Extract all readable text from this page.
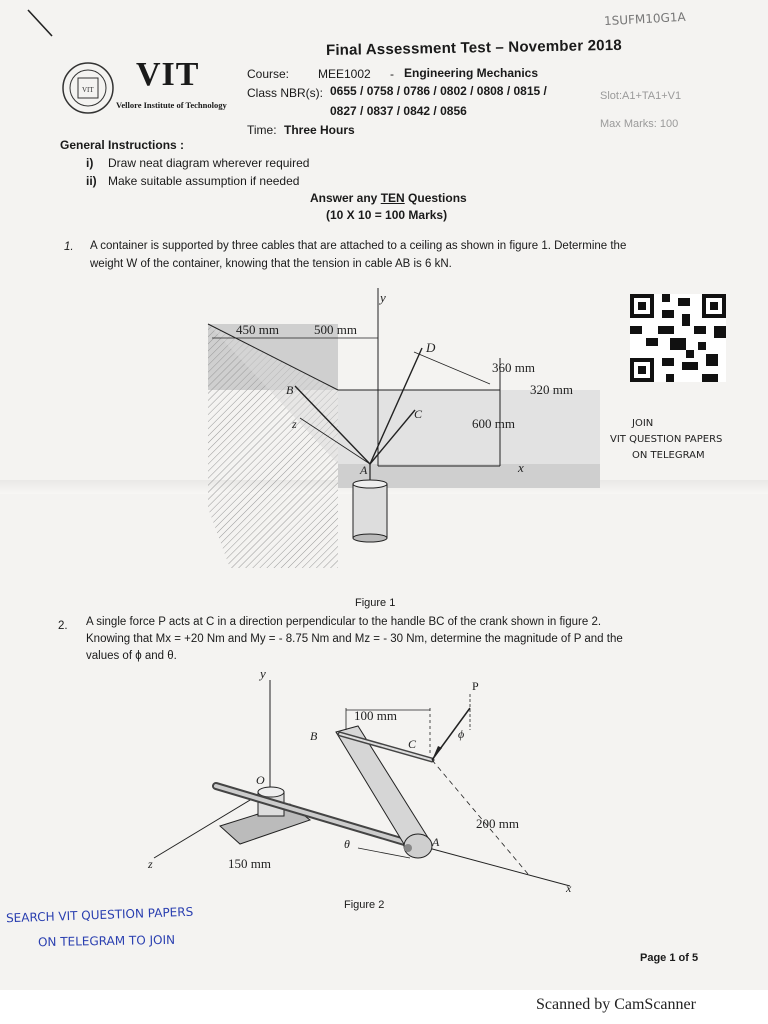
1SUFM10G1A
VIT VIT
Vellore Institute of Technology
Final Assessment Test – November 2018
Course: MEE1002 - Engineering Mechanics
Class NBR(s): 0655 / 0758 / 0786 / 0802 / 0808 / 0815 /
0827 / 0837 / 0842 / 0856
Slot:A1+TA1+V1
Time: Three Hours	Max Marks: 100
General Instructions :
i) Draw neat diagram wherever required
ii) Make suitable assumption if needed
Answer any TEN Questions
(10 X 10 = 100 Marks)
1. A container is supported by three cables that are attached to a ceiling as shown in figure 1. Determine the
weight W of the container, knowing that the tension in cable AB is 6 kN.
y
450 mm	500 mm
D
360 mm
320 mm
B
C
600 mm
z
A	x
JOIN
VIT QUESTION PAPERS
ON TELEGRAM
Figure 1
2. A single force P acts at C in a direction perpendicular to the handle BC of the crank shown in figure 2.
Knowing that Mx = +20 Nm and My = - 8.75 Nm and Mz = - 30 Nm, determine the magnitude of P and the
values of ϕ and θ.
y
P
100 mm
B
C
ϕ
O
200 mm
θ	A
z	150 mm
x
Figure 2
SEARCH VIT QUESTION PAPERS
ON TELEGRAM TO JOIN
Page 1 of 5
Scanned by CamScanner
